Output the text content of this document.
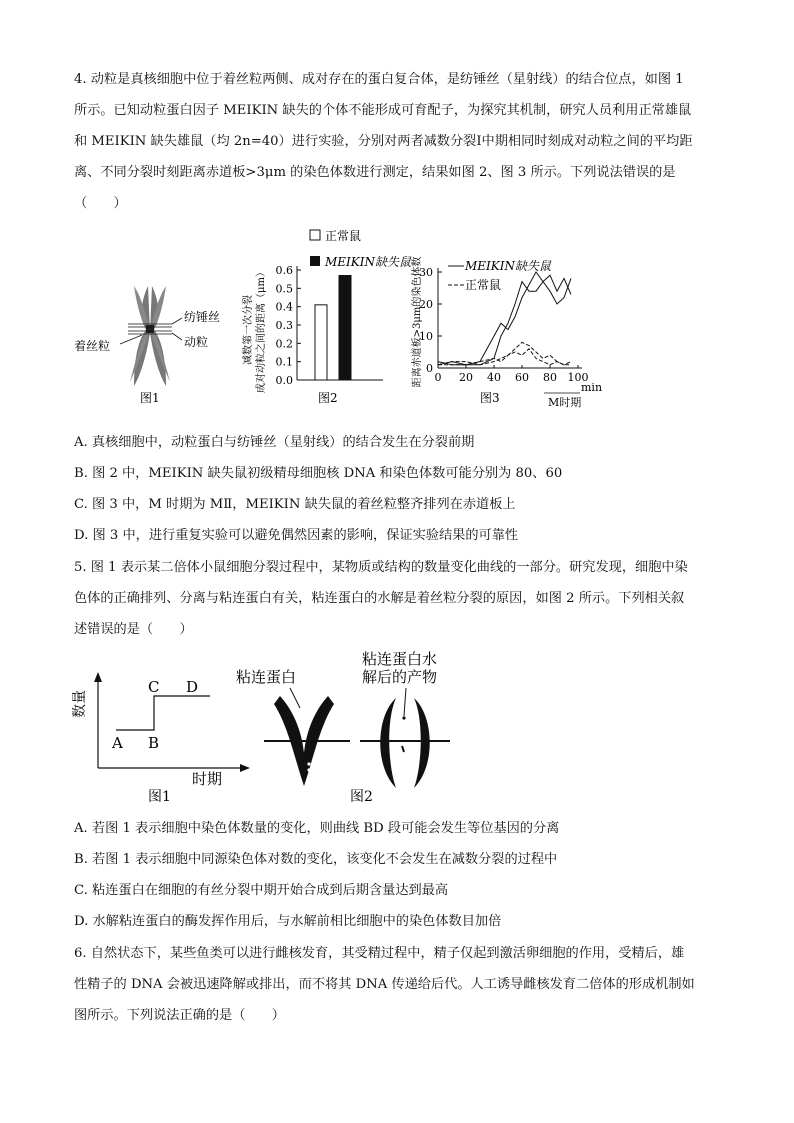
4. 动粒是真核细胞中位于着丝粒两侧、成对存在的蛋白复合体，是纺锤丝（星射线）的结合位点，如图 1

所示。已知动粒蛋白因子 MEIKIN 缺失的个体不能形成可育配子，为探究其机制，研究人员利用正常雄鼠

和 MEIKIN 缺失雄鼠（均 2n=40）进行实验，分别对两者减数分裂Ⅰ中期相同时刻成对动粒之间的平均距

离、不同分裂时刻距离赤道板>3μm 的染色体数进行测定，结果如图 2、图 3 所示。下列说法错误的是

（　　）

纺锤丝
动粒
着丝粒
图1
正常鼠
MEIKIN缺失鼠
减数第一次分裂 成对动粒之间的距离（μm） 0.0
0.1
0.2
0.3
0.4
0.5
0.6
图2
距离赤道板>3μm的染色体数 0
10
20
30
0 20 40 60 80 100
MEIKIN缺失鼠
正常鼠
min
M时期
图3
A. 真核细胞中，动粒蛋白与纺锤丝（星射线）的结合发生在分裂前期
B. 图 2 中，MEIKIN 缺失鼠初级精母细胞核 DNA 和染色体数可能分别为 80、60
C. 图 3 中，M 时期为 MⅡ，MEIKIN 缺失鼠的着丝粒整齐排列在赤道板上
D. 图 3 中，进行重复实验可以避免偶然因素的影响，保证实验结果的可靠性

5. 图 1 表示某二倍体小鼠细胞分裂过程中，某物质或结构的数量变化曲线的一部分。研究发现，细胞中染

色体的正确排列、分离与粘连蛋白有关，粘连蛋白的水解是着丝粒分裂的原因，如图 2 所示。下列相关叙

述错误的是（　　）

数量
A B
C D
时期
图1
粘连蛋白
粘连蛋白水
解后的产物
图2
A. 若图 1 表示细胞中染色体数量的变化，则曲线 BD 段可能会发生等位基因的分离
B. 若图 1 表示细胞中同源染色体对数的变化，该变化不会发生在减数分裂的过程中
C. 粘连蛋白在细胞的有丝分裂中期开始合成到后期含量达到最高
D. 水解粘连蛋白的酶发挥作用后，与水解前相比细胞中的染色体数目加倍

6. 自然状态下，某些鱼类可以进行雌核发育，其受精过程中，精子仅起到激活卵细胞的作用，受精后，雄

性精子的 DNA 会被迅速降解或排出，而不将其 DNA 传递给后代。人工诱导雌核发育二倍体的形成机制如

图所示。下列说法正确的是（　　）
